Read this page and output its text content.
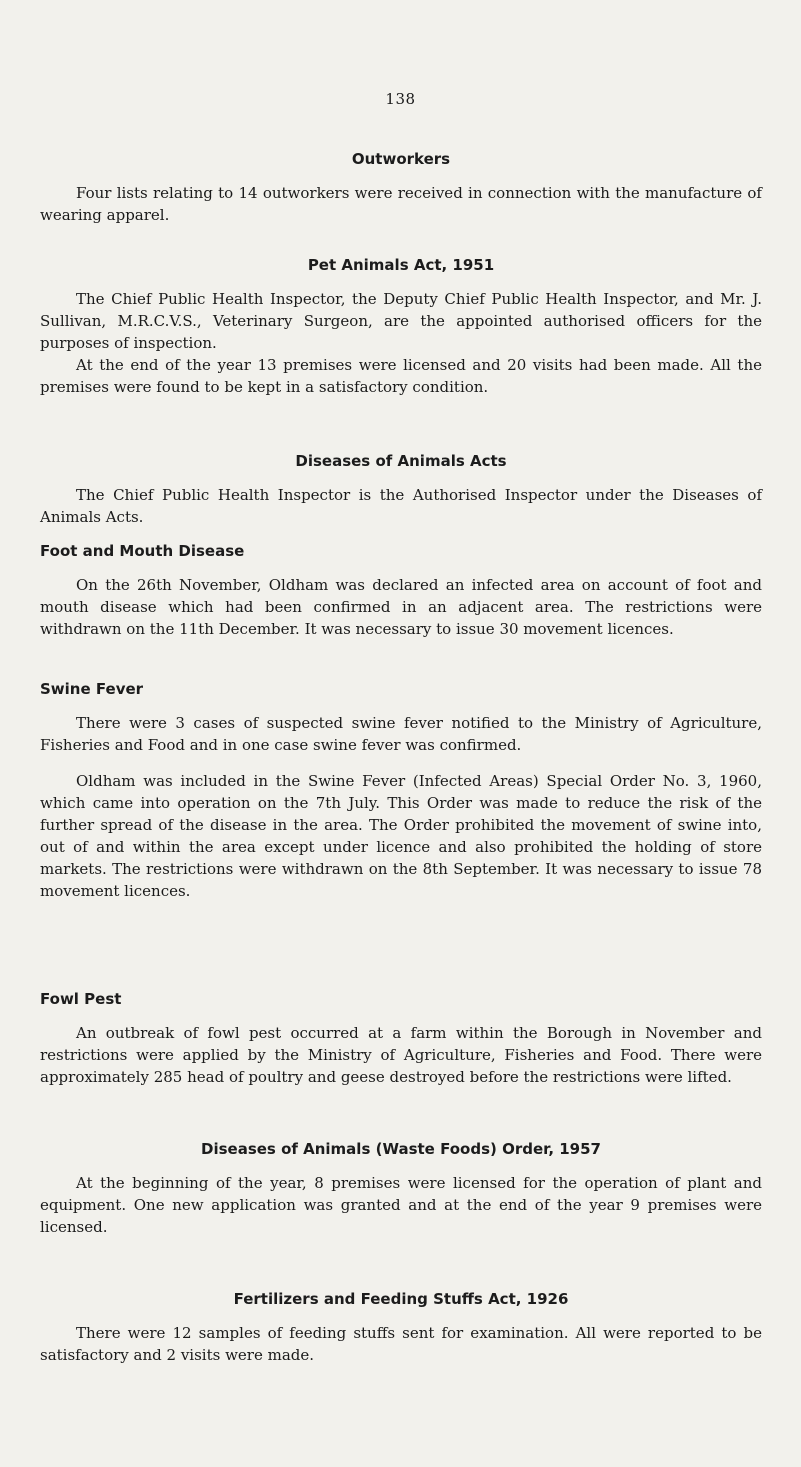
138
Outworkers

Four lists relating to 14 outworkers were received in connection with the manufacture of wearing apparel.

Pet Animals Act, 1951

The Chief Public Health Inspector, the Deputy Chief Public Health Inspector, and Mr. J. Sullivan, M.R.C.V.S., Veterinary Surgeon, are the appointed authorised officers for the purposes of inspection.

At the end of the year 13 premises were licensed and 20 visits had been made. All the premises were found to be kept in a satisfactory condition.

Diseases of Animals Acts

The Chief Public Health Inspector is the Authorised Inspector under the Diseases of Animals Acts.

Foot and Mouth Disease

On the 26th November, Oldham was declared an infected area on account of foot and mouth disease which had been confirmed in an adjacent area. The restrictions were withdrawn on the 11th December. It was necessary to issue 30 movement licences.

Swine Fever

There were 3 cases of suspected swine fever notified to the Ministry of Agriculture, Fisheries and Food and in one case swine fever was confirmed.

Oldham was included in the Swine Fever (Infected Areas) Special Order No. 3, 1960, which came into operation on the 7th July. This Order was made to reduce the risk of the further spread of the disease in the area. The Order prohibited the movement of swine into, out of and within the area except under licence and also prohibited the holding of store markets. The restrictions were withdrawn on the 8th September. It was necessary to issue 78 movement licences.

Fowl Pest

An outbreak of fowl pest occurred at a farm within the Borough in November and restrictions were applied by the Ministry of Agriculture, Fisheries and Food. There were approximately 285 head of poultry and geese destroyed before the restrictions were lifted.

Diseases of Animals (Waste Foods) Order, 1957

At the beginning of the year, 8 premises were licensed for the operation of plant and equipment. One new application was granted and at the end of the year 9 premises were licensed.

Fertilizers and Feeding Stuffs Act, 1926

There were 12 samples of feeding stuffs sent for examination. All were reported to be satisfactory and 2 visits were made.
